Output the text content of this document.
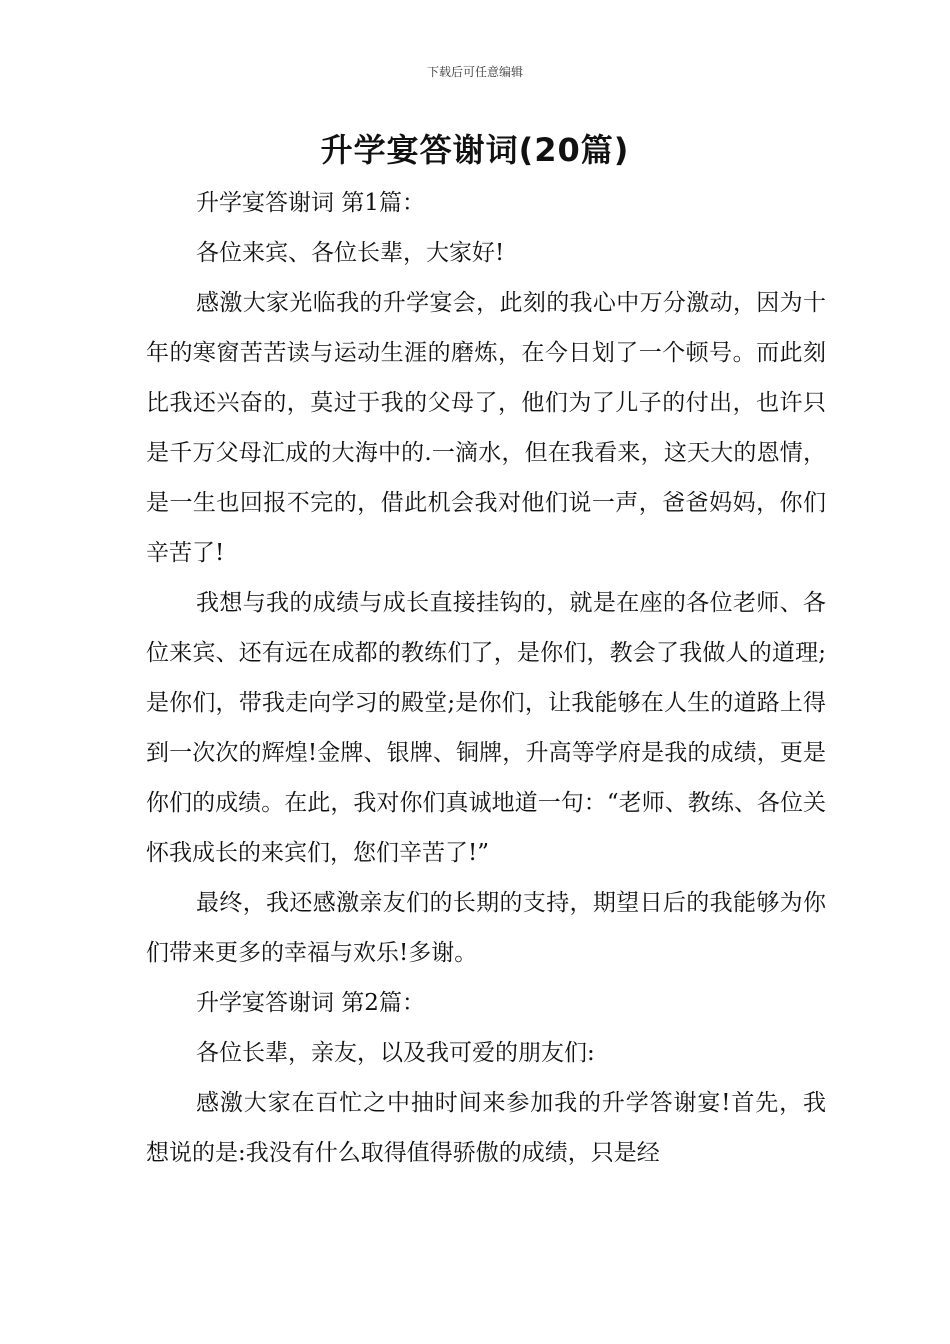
下载后可任意编辑
升学宴答谢词(20篇)

升学宴答谢词 第1篇：

各位来宾、各位长辈，大家好!

感激大家光临我的升学宴会，此刻的我心中万分激动，因为十年的寒窗苦苦读与运动生涯的磨炼，在今日划了一个顿号。而此刻比我还兴奋的，莫过于我的父母了，他们为了儿子的付出，也许只是千万父母汇成的大海中的.一滴水，但在我看来，这天大的恩情，是一生也回报不完的，借此机会我对他们说一声，爸爸妈妈，你们辛苦了!

我想与我的成绩与成长直接挂钩的，就是在座的各位老师、各位来宾、还有远在成都的教练们了，是你们，教会了我做人的道理;是你们，带我走向学习的殿堂;是你们，让我能够在人生的道路上得到一次次的辉煌!金牌、银牌、铜牌，升高等学府是我的成绩，更是你们的成绩。在此，我对你们真诚地道一句：“老师、教练、各位关怀我成长的来宾们，您们辛苦了!”

最终，我还感激亲友们的长期的支持，期望日后的我能够为你们带来更多的幸福与欢乐!多谢。

升学宴答谢词 第2篇：

各位长辈，亲友，以及我可爱的朋友们:

感激大家在百忙之中抽时间来参加我的升学答谢宴!首先，我想说的是:我没有什么取得值得骄傲的成绩，只是经
